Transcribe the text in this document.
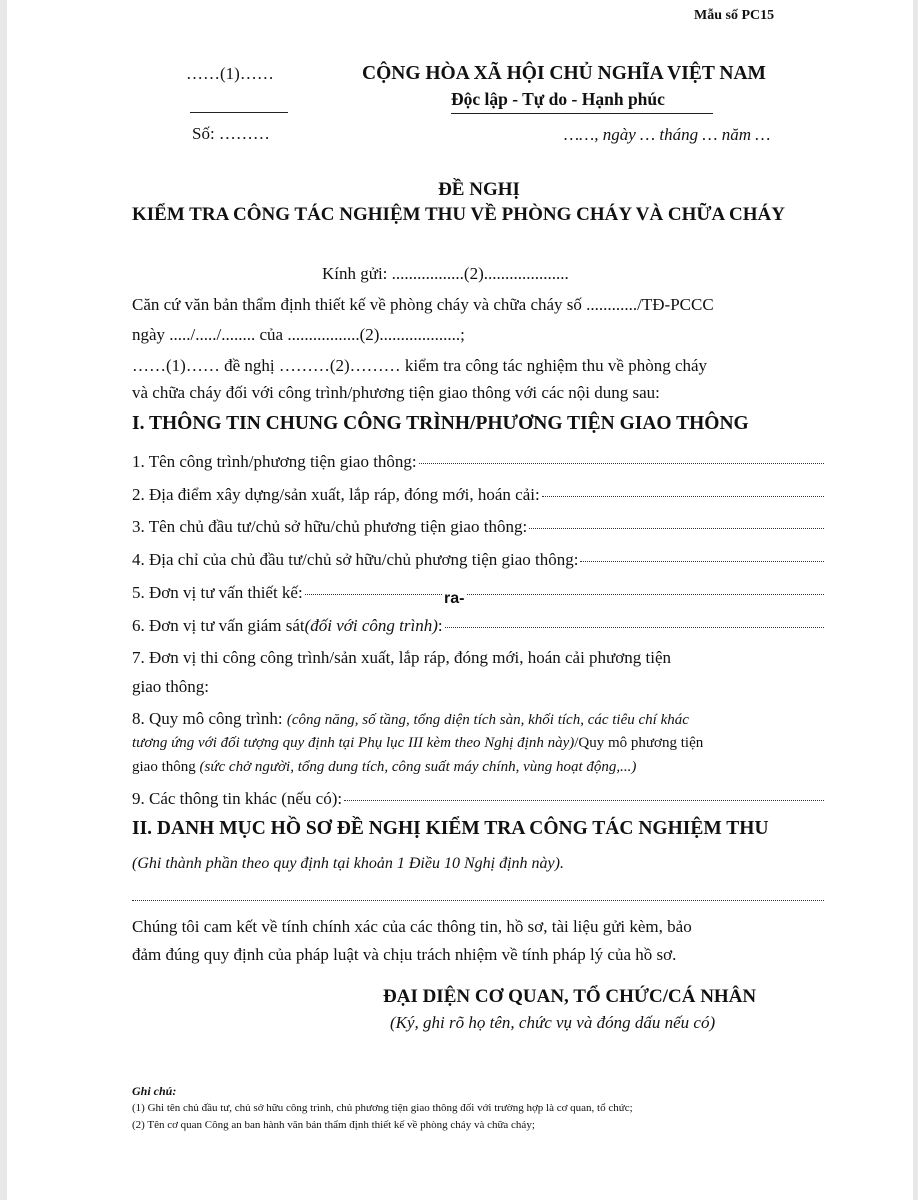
Mẫu số PC15
……(1)……
Số: ………
CỘNG HÒA XÃ HỘI CHỦ NGHĨA VIỆT NAM
Độc lập - Tự do - Hạnh phúc
……, ngày … tháng … năm …
ĐỀ NGHỊ
KIỂM TRA CÔNG TÁC NGHIỆM THU VỀ PHÒNG CHÁY VÀ CHỮA CHÁY
Kính gửi: .................(2)....................
Căn cứ văn bản thẩm định thiết kế về phòng cháy và chữa cháy số ............/TĐ-PCCC
ngày ...../...../........ của .................(2)...................;
……(1)…… đề nghị ………(2)……… kiểm tra công tác nghiệm thu về phòng cháy
và chữa cháy đối với công trình/phương tiện giao thông với các nội dung sau:
I. THÔNG TIN CHUNG CÔNG TRÌNH/PHƯƠNG TIỆN GIAO THÔNG
1. Tên công trình/phương tiện giao thông:
2. Địa điểm xây dựng/sản xuất, lắp ráp, đóng mới, hoán cải:
3. Tên chủ đầu tư/chủ sở hữu/chủ phương tiện giao thông:
4. Địa chỉ của chủ đầu tư/chủ sở hữu/chủ phương tiện giao thông:
5. Đơn vị tư vấn thiết kế:	ra-
6. Đơn vị tư vấn giám sát (đối với công trình) :
7. Đơn vị thi công công trình/sản xuất, lắp ráp, đóng mới, hoán cải phương tiện
giao thông:
8. Quy mô công trình: (công năng, số tầng, tổng diện tích sàn, khối tích, các tiêu chí khác
tương ứng với đối tượng quy định tại Phụ lục III kèm theo Nghị định này)/Quy mô phương tiện
giao thông (sức chở người, tổng dung tích, công suất máy chính, vùng hoạt động,...)
9. Các thông tin khác (nếu có):
II. DANH MỤC HỒ SƠ ĐỀ NGHỊ KIỂM TRA CÔNG TÁC NGHIỆM THU
(Ghi thành phần theo quy định tại khoản 1 Điều 10 Nghị định này).
Chúng tôi cam kết về tính chính xác của các thông tin, hồ sơ, tài liệu gửi kèm, bảo
đảm đúng quy định của pháp luật và chịu trách nhiệm về tính pháp lý của hồ sơ.
ĐẠI DIỆN CƠ QUAN, TỔ CHỨC/CÁ NHÂN
(Ký, ghi rõ họ tên, chức vụ và đóng dấu nếu có)
Ghi chú:
(1) Ghi tên chủ đầu tư, chủ sở hữu công trình, chủ phương tiện giao thông đối với trường hợp là cơ quan, tổ chức;
(2) Tên cơ quan Công an ban hành văn bản thẩm định thiết kế về phòng cháy và chữa cháy;
